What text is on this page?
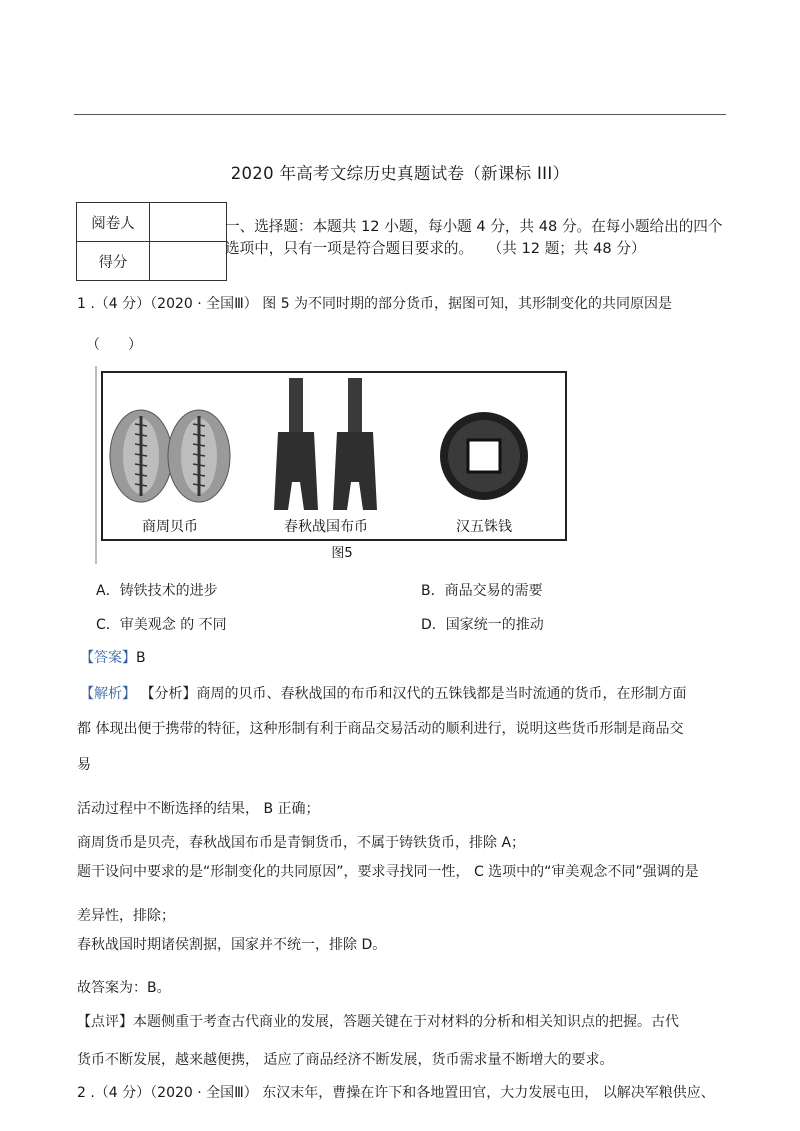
2020 年高考文综历史真题试卷（新课标 III）
阅卷人	
得分	
一、选择题：本题共 12 小题，每小题 4 分，共 48 分。在每小题给出的四个选项中，只有一项是符合题目要求的。　　（共 12 题；共 48 分）
1 .（4 分）（2020 · 全国Ⅲ） 图 5 为不同时期的部分货币，据图可知，其形制变化的共同原因是
（　　）
商周贝币	春秋战国布币	汉五铢钱
图5
A．铸铁技术的进步	B．商品交易的需要
C．审美观念 的 不同	D．国家统一的推动
【答案】B
【解析】 【分析】商周的贝币、春秋战国的布币和汉代的五铢钱都是当时流通的货币，在形制方面
都 体现出便于携带的特征，这种形制有利于商品交易活动的顺利进行，说明这些货币形制是商品交
易
活动过程中不断选择的结果， B 正确；
商周货币是贝壳，春秋战国布币是青铜货币，不属于铸铁货币，排除 A；
题干设问中要求的是“形制变化的共同原因”，要求寻找同一性， C 选项中的“审美观念不同”强调的是
差异性，排除；
春秋战国时期诸侯割据，国家并不统一，排除 D。
故答案为：B。
【点评】本题侧重于考查古代商业的发展，答题关键在于对材料的分析和相关知识点的把握。古代
货币不断发展，越来越便携， 适应了商品经济不断发展，货币需求量不断增大的要求。
2 .（4 分）（2020 · 全国Ⅲ） 东汉末年，曹操在许下和各地置田官，大力发展屯田， 以解决军粮供应、
